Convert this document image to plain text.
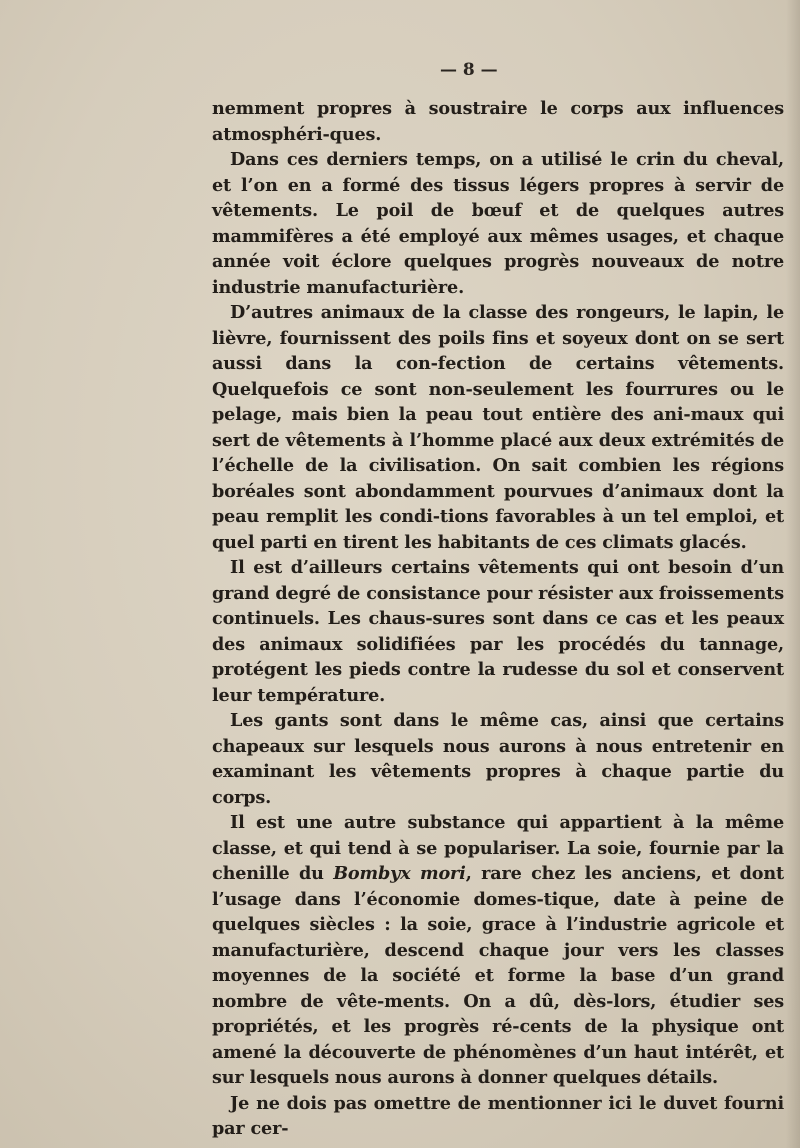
— 8 —

nemment propres à soustraire le corps aux influences atmosphéri-ques.

Dans ces derniers temps, on a utilisé le crin du cheval, et l’on en a formé des tissus légers propres à servir de vêtements. Le poil de bœuf et de quelques autres mammifères a été employé aux mêmes usages, et chaque année voit éclore quelques progrès nouveaux de notre industrie manufacturière.

D’autres animaux de la classe des rongeurs, le lapin, le lièvre, fournissent des poils fins et soyeux dont on se sert aussi dans la con-fection de certains vêtements. Quelquefois ce sont non-seulement les fourrures ou le pelage, mais bien la peau tout entière des ani-maux qui sert de vêtements à l’homme placé aux deux extrémités de l’échelle de la civilisation. On sait combien les régions boréales sont abondamment pourvues d’animaux dont la peau remplit les condi-tions favorables à un tel emploi, et quel parti en tirent les habitants de ces climats glacés.

Il est d’ailleurs certains vêtements qui ont besoin d’un grand degré de consistance pour résister aux froissements continuels. Les chaus-sures sont dans ce cas et les peaux des animaux solidifiées par les procédés du tannage, protégent les pieds contre la rudesse du sol et conservent leur température.

Les gants sont dans le même cas, ainsi que certains chapeaux sur lesquels nous aurons à nous entretenir en examinant les vêtements propres à chaque partie du corps.

Il est une autre substance qui appartient à la même classe, et qui tend à se populariser. La soie, fournie par la chenille du Bombyx mori, rare chez les anciens, et dont l’usage dans l’économie domes-tique, date à peine de quelques siècles : la soie, grace à l’industrie agricole et manufacturière, descend chaque jour vers les classes moyennes de la société et forme la base d’un grand nombre de vête-ments. On a dû, dès-lors, étudier ses propriétés, et les progrès ré-cents de la physique ont amené la découverte de phénomènes d’un haut intérêt, et sur lesquels nous aurons à donner quelques détails.

Je ne dois pas omettre de mentionner ici le duvet fourni par cer-
